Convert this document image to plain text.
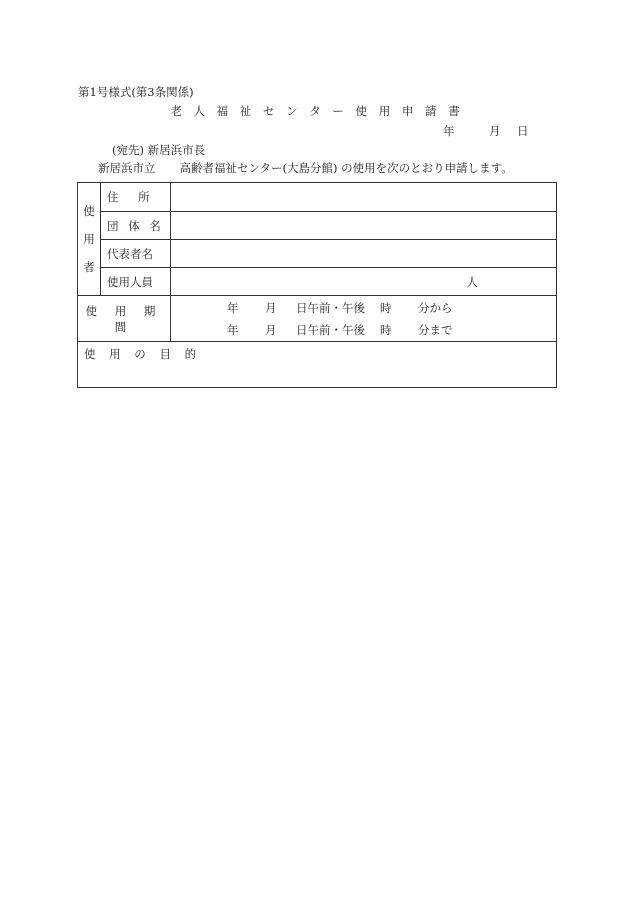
第1号様式(第3条関係)
老 人 福 祉 セ ン タ ー 使 用 申 請 書
年	月 日
(宛先) 新居浜市長
新居浜市立 高齢者福祉センター(大島分館) の使用を次のとおり申請します。
使
用
者	住 所	
	団 体 名	
	代表者名	
	使用人員	人
使 用 期 間		年 月 日午前・午後 時 分から
年 月 日午前・午後 時 分まで

使 用 の 目 的		
